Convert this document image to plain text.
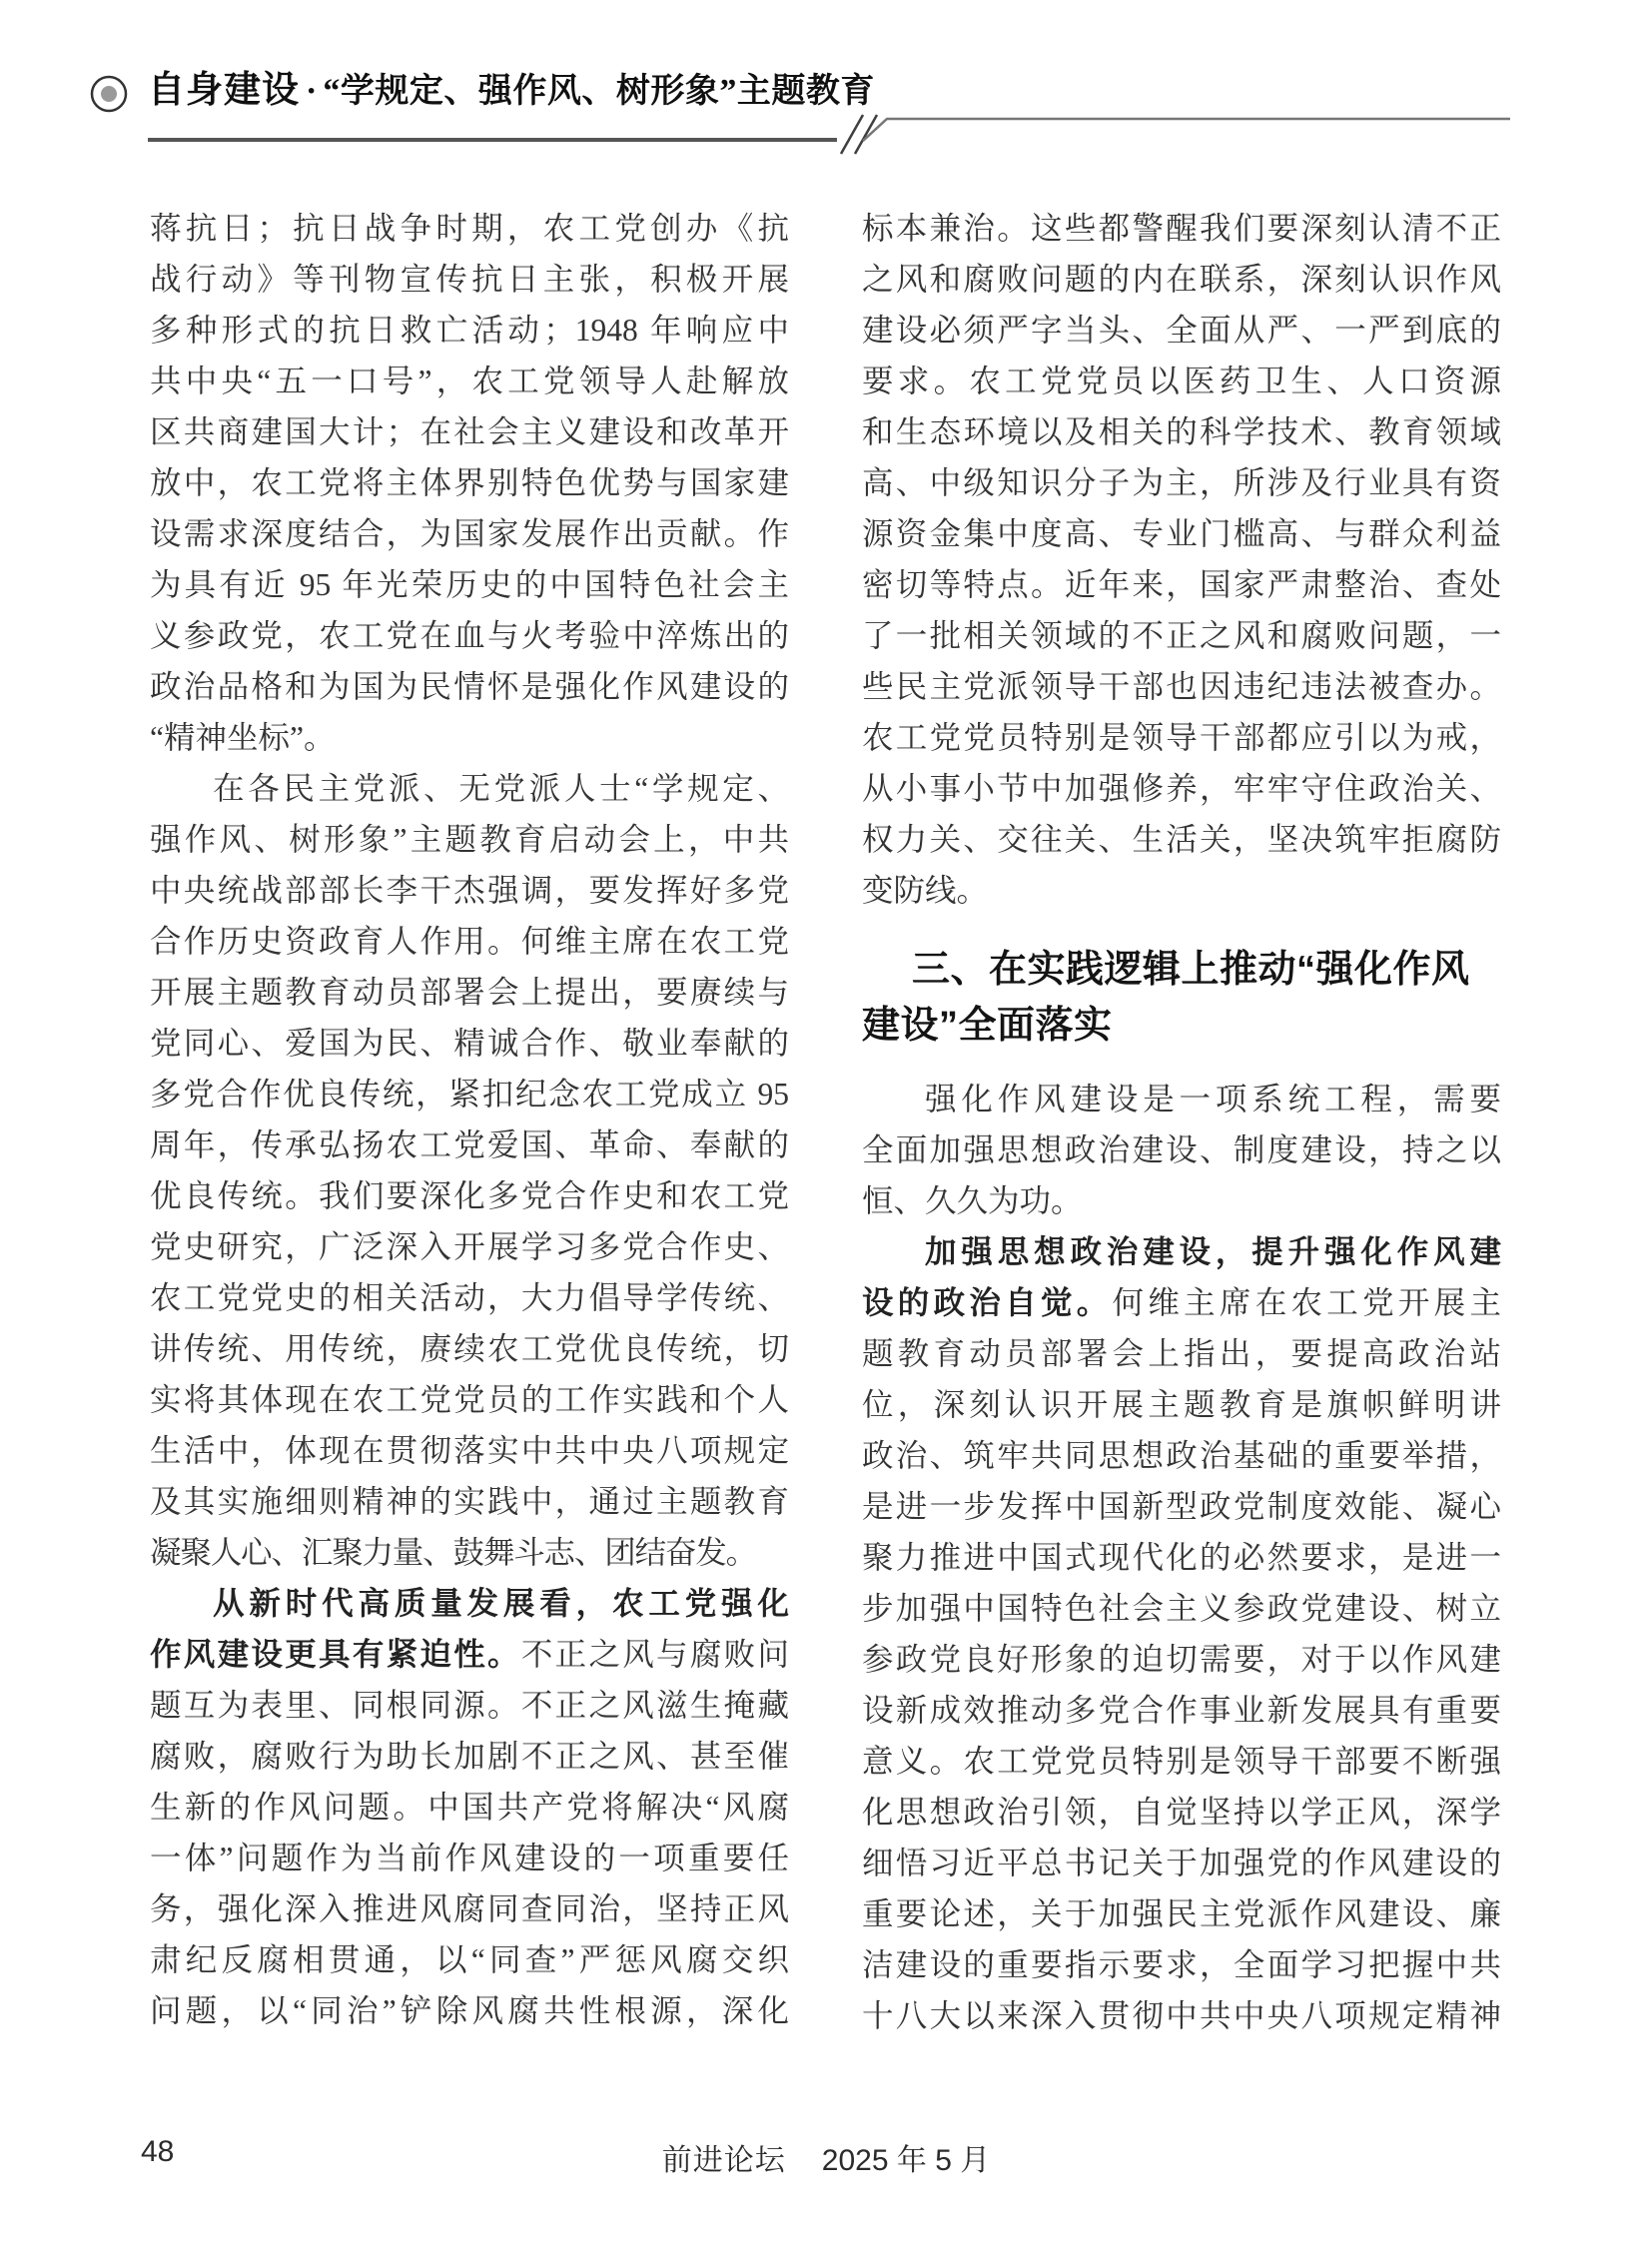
自身建设 · “学规定、强作风、树形象”主题教育
蒋抗日；抗日战争时期，农工党创办《抗
战行动》等刊物宣传抗日主张，积极开展
多种形式的抗日救亡活动；1948 年响应中
共中央“五一口号”，农工党领导人赴解放
区共商建国大计；在社会主义建设和改革开
放中，农工党将主体界别特色优势与国家建
设需求深度结合，为国家发展作出贡献。作
为具有近 95 年光荣历史的中国特色社会主
义参政党，农工党在血与火考验中淬炼出的
政治品格和为国为民情怀是强化作风建设的
“精神坐标”。
在各民主党派、无党派人士“学规定、
强作风、树形象”主题教育启动会上，中共
中央统战部部长李干杰强调，要发挥好多党
合作历史资政育人作用。何维主席在农工党
开展主题教育动员部署会上提出，要赓续与
党同心、爱国为民、精诚合作、敬业奉献的
多党合作优良传统，紧扣纪念农工党成立 95
周年，传承弘扬农工党爱国、革命、奉献的
优良传统。我们要深化多党合作史和农工党
党史研究，广泛深入开展学习多党合作史、
农工党党史的相关活动，大力倡导学传统、
讲传统、用传统，赓续农工党优良传统，切
实将其体现在农工党党员的工作实践和个人
生活中，体现在贯彻落实中共中央八项规定
及其实施细则精神的实践中，通过主题教育
凝聚人心、汇聚力量、鼓舞斗志、团结奋发。
从新时代高质量发展看，农工党强化
作风建设更具有紧迫性。不正之风与腐败问
题互为表里、同根同源。不正之风滋生掩藏
腐败，腐败行为助长加剧不正之风、甚至催
生新的作风问题。中国共产党将解决“风腐
一体”问题作为当前作风建设的一项重要任
务，强化深入推进风腐同查同治，坚持正风
肃纪反腐相贯通，以“同查”严惩风腐交织
问题，以“同治”铲除风腐共性根源，深化
标本兼治。这些都警醒我们要深刻认清不正
之风和腐败问题的内在联系，深刻认识作风
建设必须严字当头、全面从严、一严到底的
要求。农工党党员以医药卫生、人口资源
和生态环境以及相关的科学技术、教育领域
高、中级知识分子为主，所涉及行业具有资
源资金集中度高、专业门槛高、与群众利益
密切等特点。近年来，国家严肃整治、查处
了一批相关领域的不正之风和腐败问题，一
些民主党派领导干部也因违纪违法被查办。
农工党党员特别是领导干部都应引以为戒，
从小事小节中加强修养，牢牢守住政治关、
权力关、交往关、生活关，坚决筑牢拒腐防
变防线。
三、在实践逻辑上推动“强化作风
建设”全面落实
强化作风建设是一项系统工程，需要
全面加强思想政治建设、制度建设，持之以
恒、久久为功。
加强思想政治建设，提升强化作风建
设的政治自觉。何维主席在农工党开展主
题教育动员部署会上指出，要提高政治站
位，深刻认识开展主题教育是旗帜鲜明讲
政治、筑牢共同思想政治基础的重要举措，
是进一步发挥中国新型政党制度效能、凝心
聚力推进中国式现代化的必然要求，是进一
步加强中国特色社会主义参政党建设、树立
参政党良好形象的迫切需要，对于以作风建
设新成效推动多党合作事业新发展具有重要
意义。农工党党员特别是领导干部要不断强
化思想政治引领，自觉坚持以学正风，深学
细悟习近平总书记关于加强党的作风建设的
重要论述，关于加强民主党派作风建设、廉
洁建设的重要指示要求，全面学习把握中共
十八大以来深入贯彻中共中央八项规定精神
48	前进论坛 2025 年 5 月
